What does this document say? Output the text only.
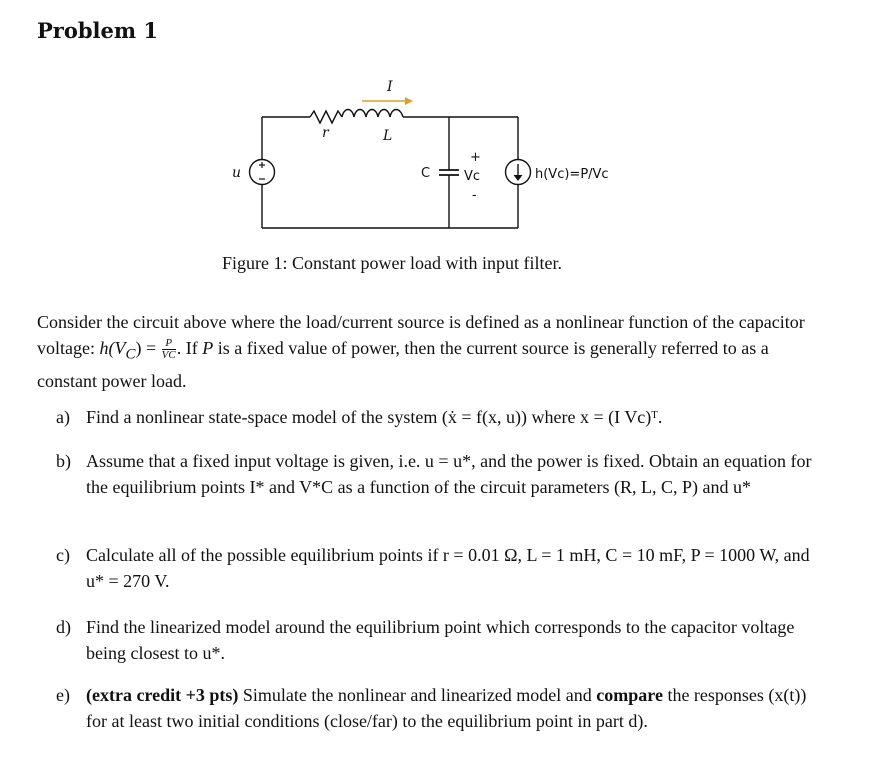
Problem 1
I
r	L
C
u
+
Vc
-
h(Vc)=P/Vc
Figure 1: Constant power load with input filter.
Consider the circuit above where the load/current source is defined as a nonlinear function of the capacitor voltage: $h(V_C) = \frac{P}{VC}$ . If P is a fixed value of power, then the current source is generally referred to as a constant power load.
a) Find a nonlinear state-space model of the system (ẋ = f(x, u)) where x = (I Vc)ᵀ.
b) Assume that a fixed input voltage is given, i.e. u = u*, and the power is fixed. Obtain an equation for the equilibrium points I* and V*C as a function of the circuit parameters (R, L, C, P) and u*
c) Calculate all of the possible equilibrium points if r = 0.01 Ω, L = 1 mH, C = 10 mF, P = 1000 W, and u* = 270 V.
d) Find the linearized model around the equilibrium point which corresponds to the capacitor voltage being closest to u*.
e) (extra credit +3 pts) Simulate the nonlinear and linearized model and compare the responses (x(t)) for at least two initial conditions (close/far) to the equilibrium point in part d).
